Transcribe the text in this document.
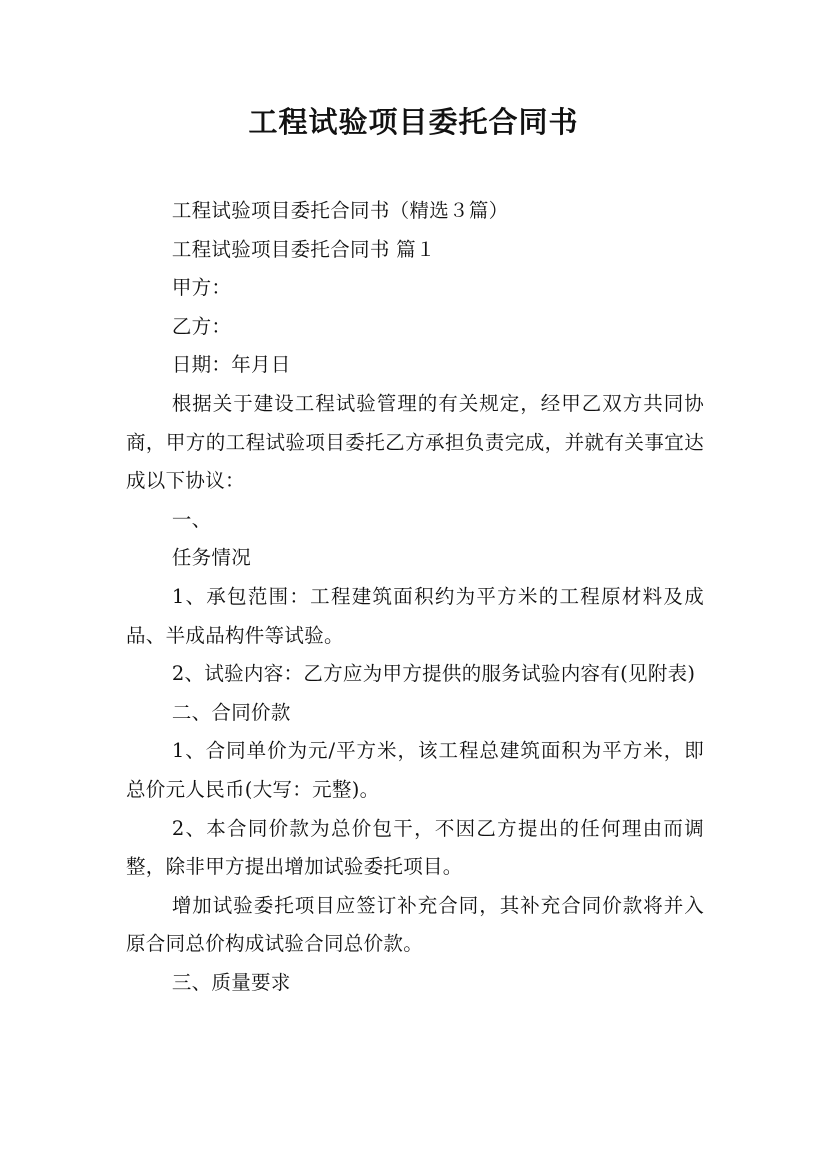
工程试验项目委托合同书

工程试验项目委托合同书（精选３篇）

工程试验项目委托合同书 篇１

甲方：

乙方：

日期：年月日

根据关于建设工程试验管理的有关规定，经甲乙双方共同协商，甲方的工程试验项目委托乙方承担负责完成，并就有关事宜达成以下协议：

一、

任务情况

1、承包范围：工程建筑面积约为平方米的工程原材料及成品、半成品构件等试验。

2、试验内容：乙方应为甲方提供的服务试验内容有(见附表)

二、合同价款

1、合同单价为元/平方米，该工程总建筑面积为平方米，即总价元人民币(大写：元整)。

2、本合同价款为总价包干，不因乙方提出的任何理由而调整，除非甲方提出增加试验委托项目。

增加试验委托项目应签订补充合同，其补充合同价款将并入原合同总价构成试验合同总价款。

三、质量要求
